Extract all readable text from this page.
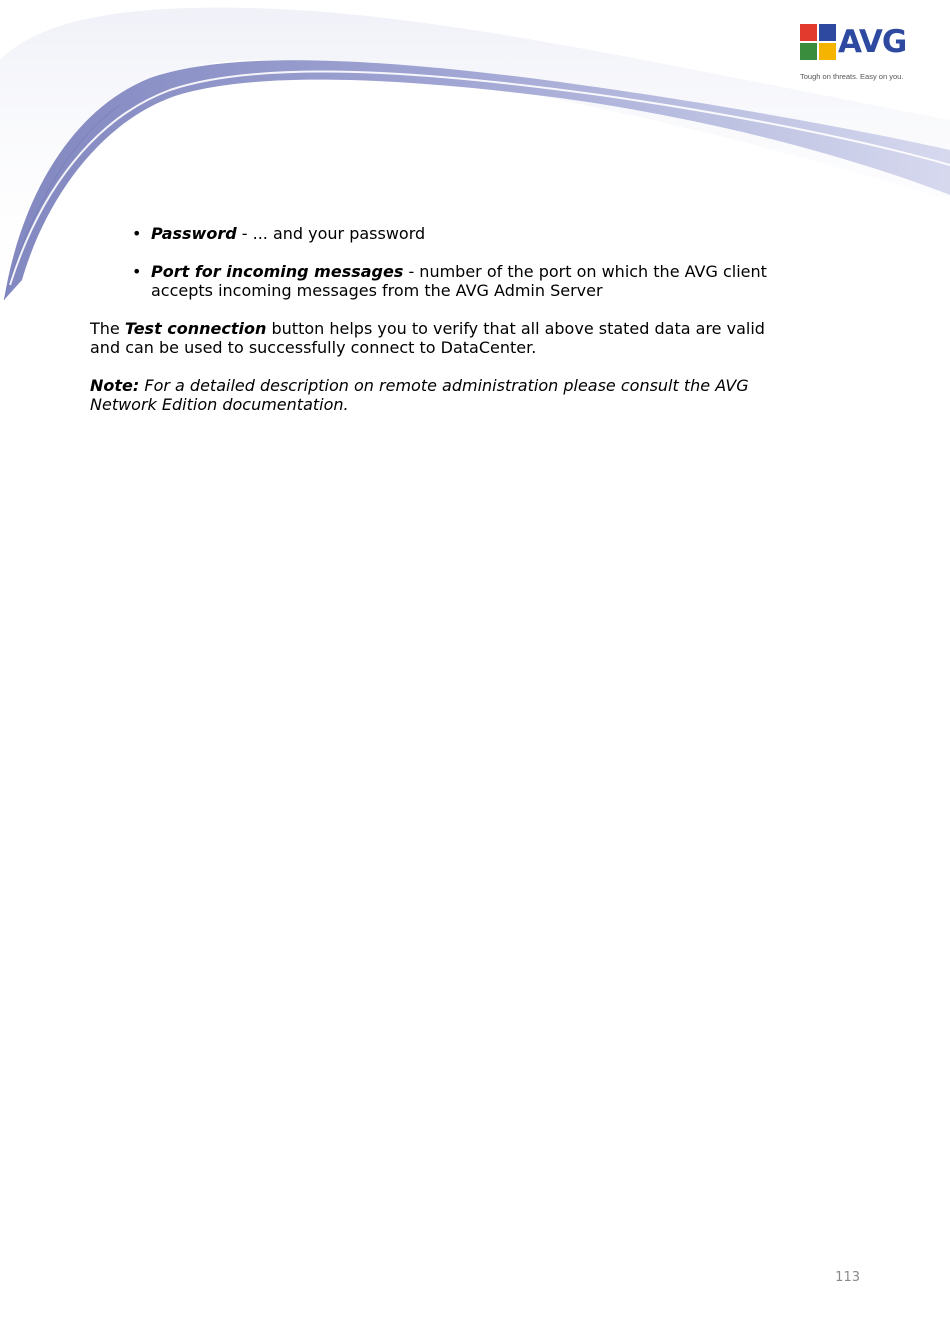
AVG
Tough on threats. Easy on you.
• Password - ... and your password
• Port for incoming messages - number of the port on which the AVG client accepts incoming messages from the AVG Admin Server

The Test connection button helps you to verify that all above stated data are valid and can be used to successfully connect to DataCenter.

Note: For a detailed description on remote administration please consult the AVG Network Edition documentation.

113
